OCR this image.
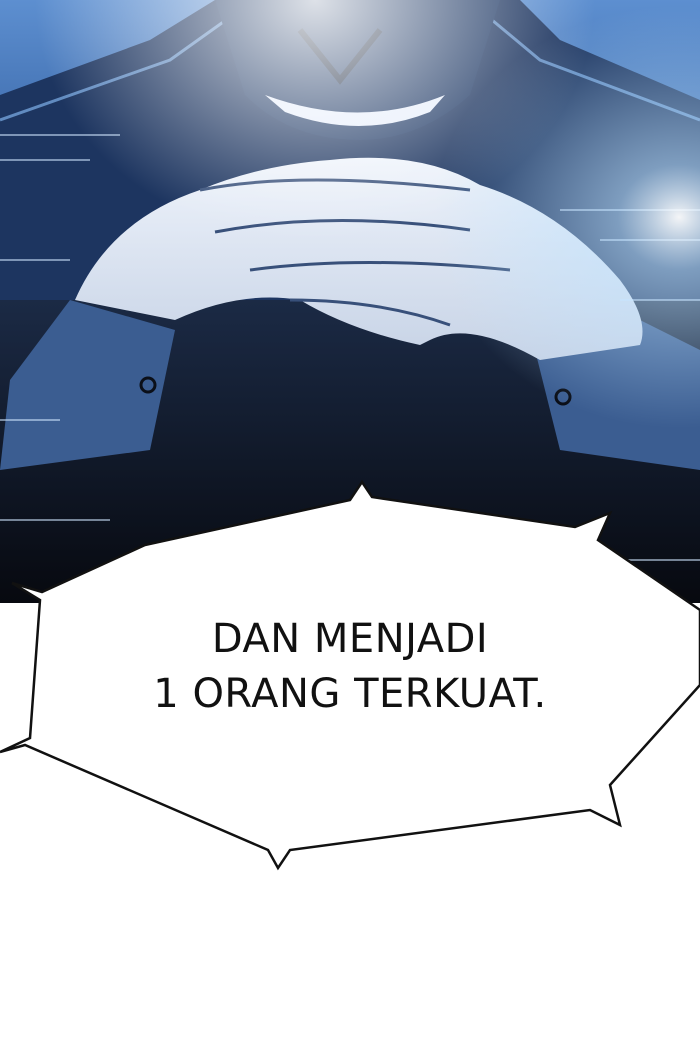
DAN MENJADI
1 ORANG TERKUAT.
